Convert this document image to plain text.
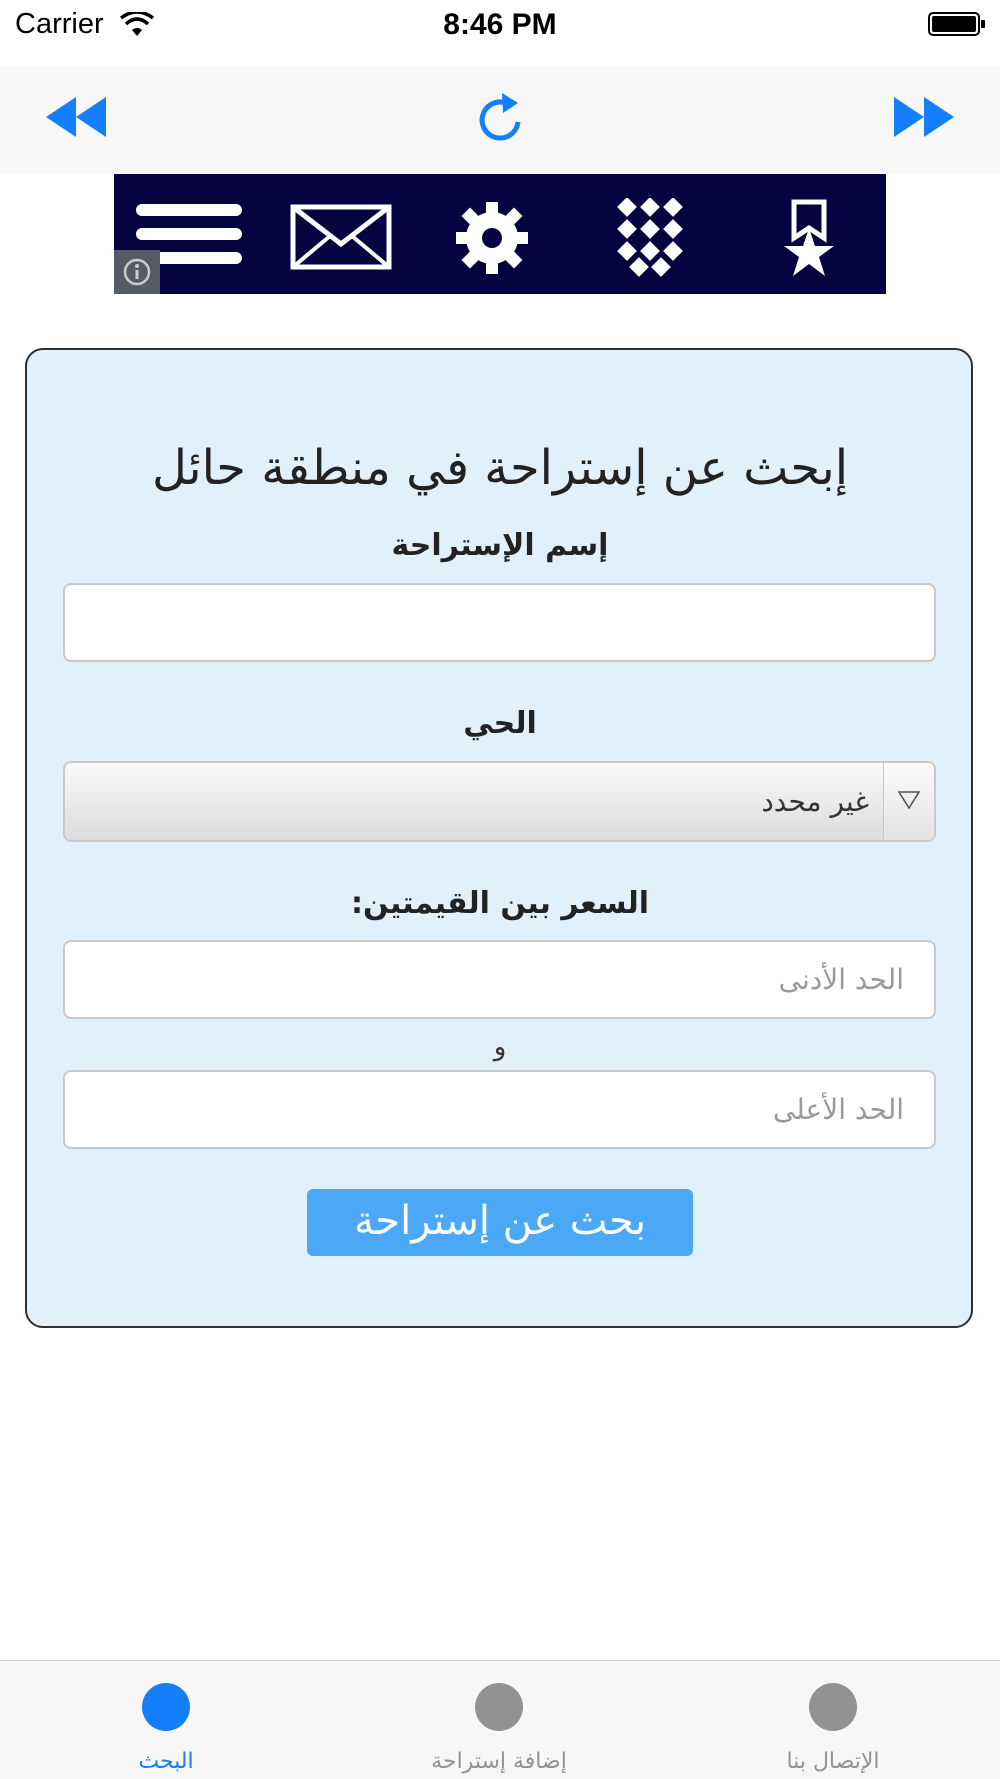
Carrier	8:46 PM
إبحث عن إستراحة في منطقة حائل
إسم الإستراحة
الحي
غير محدد
السعر بين القيمتين:
الحد الأدنى
و
الحد الأعلى
بحث عن إستراحة
البحث	إضافة إستراحة	الإتصال بنا
